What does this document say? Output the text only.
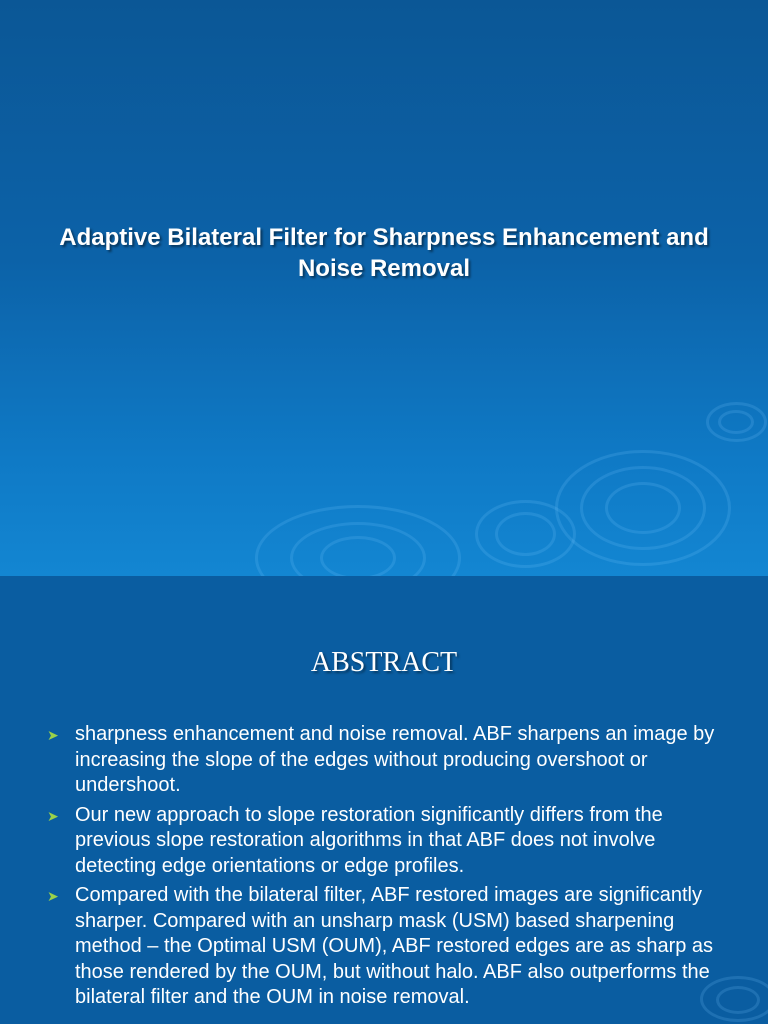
Adaptive Bilateral Filter for Sharpness Enhancement and Noise Removal
ABSTRACT
➤ sharpness enhancement and noise removal. ABF sharpens an image by increasing the slope of the edges without producing overshoot or undershoot.
➤ Our new approach to slope restoration significantly differs from the previous slope restoration algorithms in that ABF does not involve detecting edge orientations or edge profiles.
➤ Compared with the bilateral filter, ABF restored images are significantly sharper. Compared with an unsharp mask (USM) based sharpening method – the Optimal USM (OUM), ABF restored edges are as sharp as those rendered by the OUM, but without halo. ABF also outperforms the bilateral filter and the OUM in noise removal.
